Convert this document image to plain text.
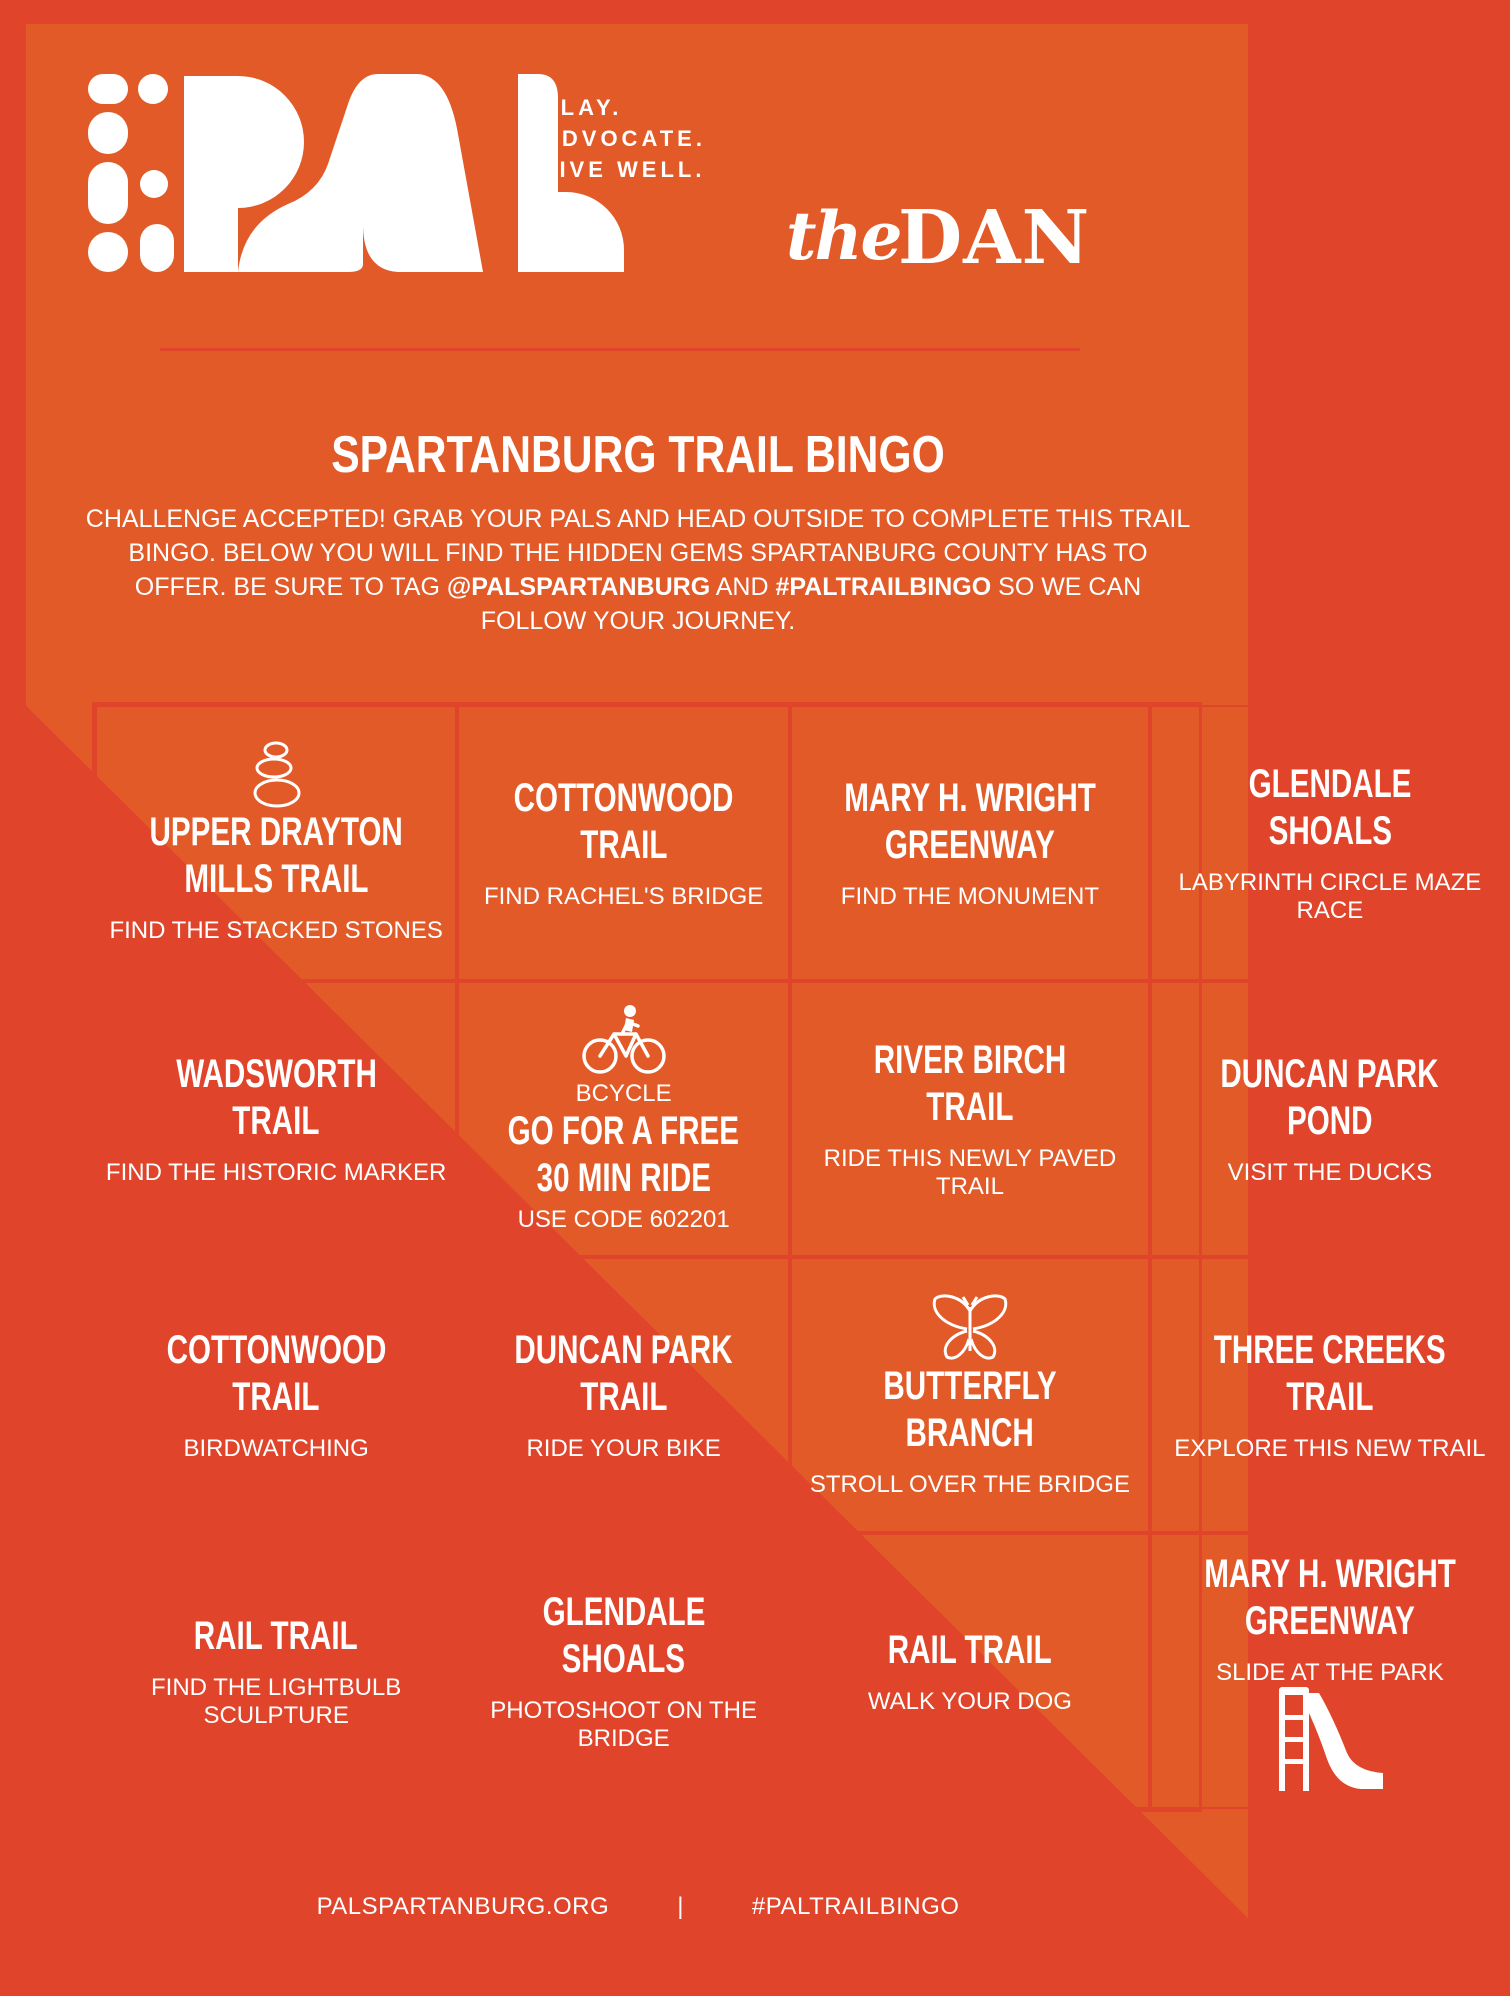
PLAY.
ADVOCATE.
LIVE WELL.
the
DAN
SPARTANBURG TRAIL BINGO
CHALLENGE ACCEPTED! GRAB YOUR PALS AND HEAD OUTSIDE TO COMPLETE THIS TRAIL BINGO. BELOW YOU WILL FIND THE HIDDEN GEMS SPARTANBURG COUNTY HAS TO OFFER. BE SURE TO TAG @PALSPARTANBURG AND #PALTRAILBINGO SO WE CAN FOLLOW YOUR JOURNEY.
UPPER DRAYTON
MILLS TRAIL
FIND THE STACKED STONES
COTTONWOOD
TRAIL
FIND RACHEL'S BRIDGE
MARY H. WRIGHT
GREENWAY
FIND THE MONUMENT
GLENDALE
SHOALS
LABYRINTH CIRCLE MAZE RACE
WADSWORTH
TRAIL
FIND THE HISTORIC MARKER
BCYCLE
GO FOR A FREE
30 MIN RIDE
USE CODE 602201
RIVER BIRCH
TRAIL
RIDE THIS NEWLY PAVED TRAIL
DUNCAN PARK
POND
VISIT THE DUCKS
COTTONWOOD
TRAIL
BIRDWATCHING
DUNCAN PARK
TRAIL
RIDE YOUR BIKE
BUTTERFLY
BRANCH
STROLL OVER THE BRIDGE
THREE CREEKS
TRAIL
EXPLORE THIS NEW TRAIL
RAIL TRAIL
FIND THE LIGHTBULB SCULPTURE
GLENDALE
SHOALS
PHOTOSHOOT ON THE BRIDGE
RAIL TRAIL
WALK YOUR DOG
MARY H. WRIGHT
GREENWAY
SLIDE AT THE PARK
PALSPARTANBURG.ORG	|	#PALTRAILBINGO
